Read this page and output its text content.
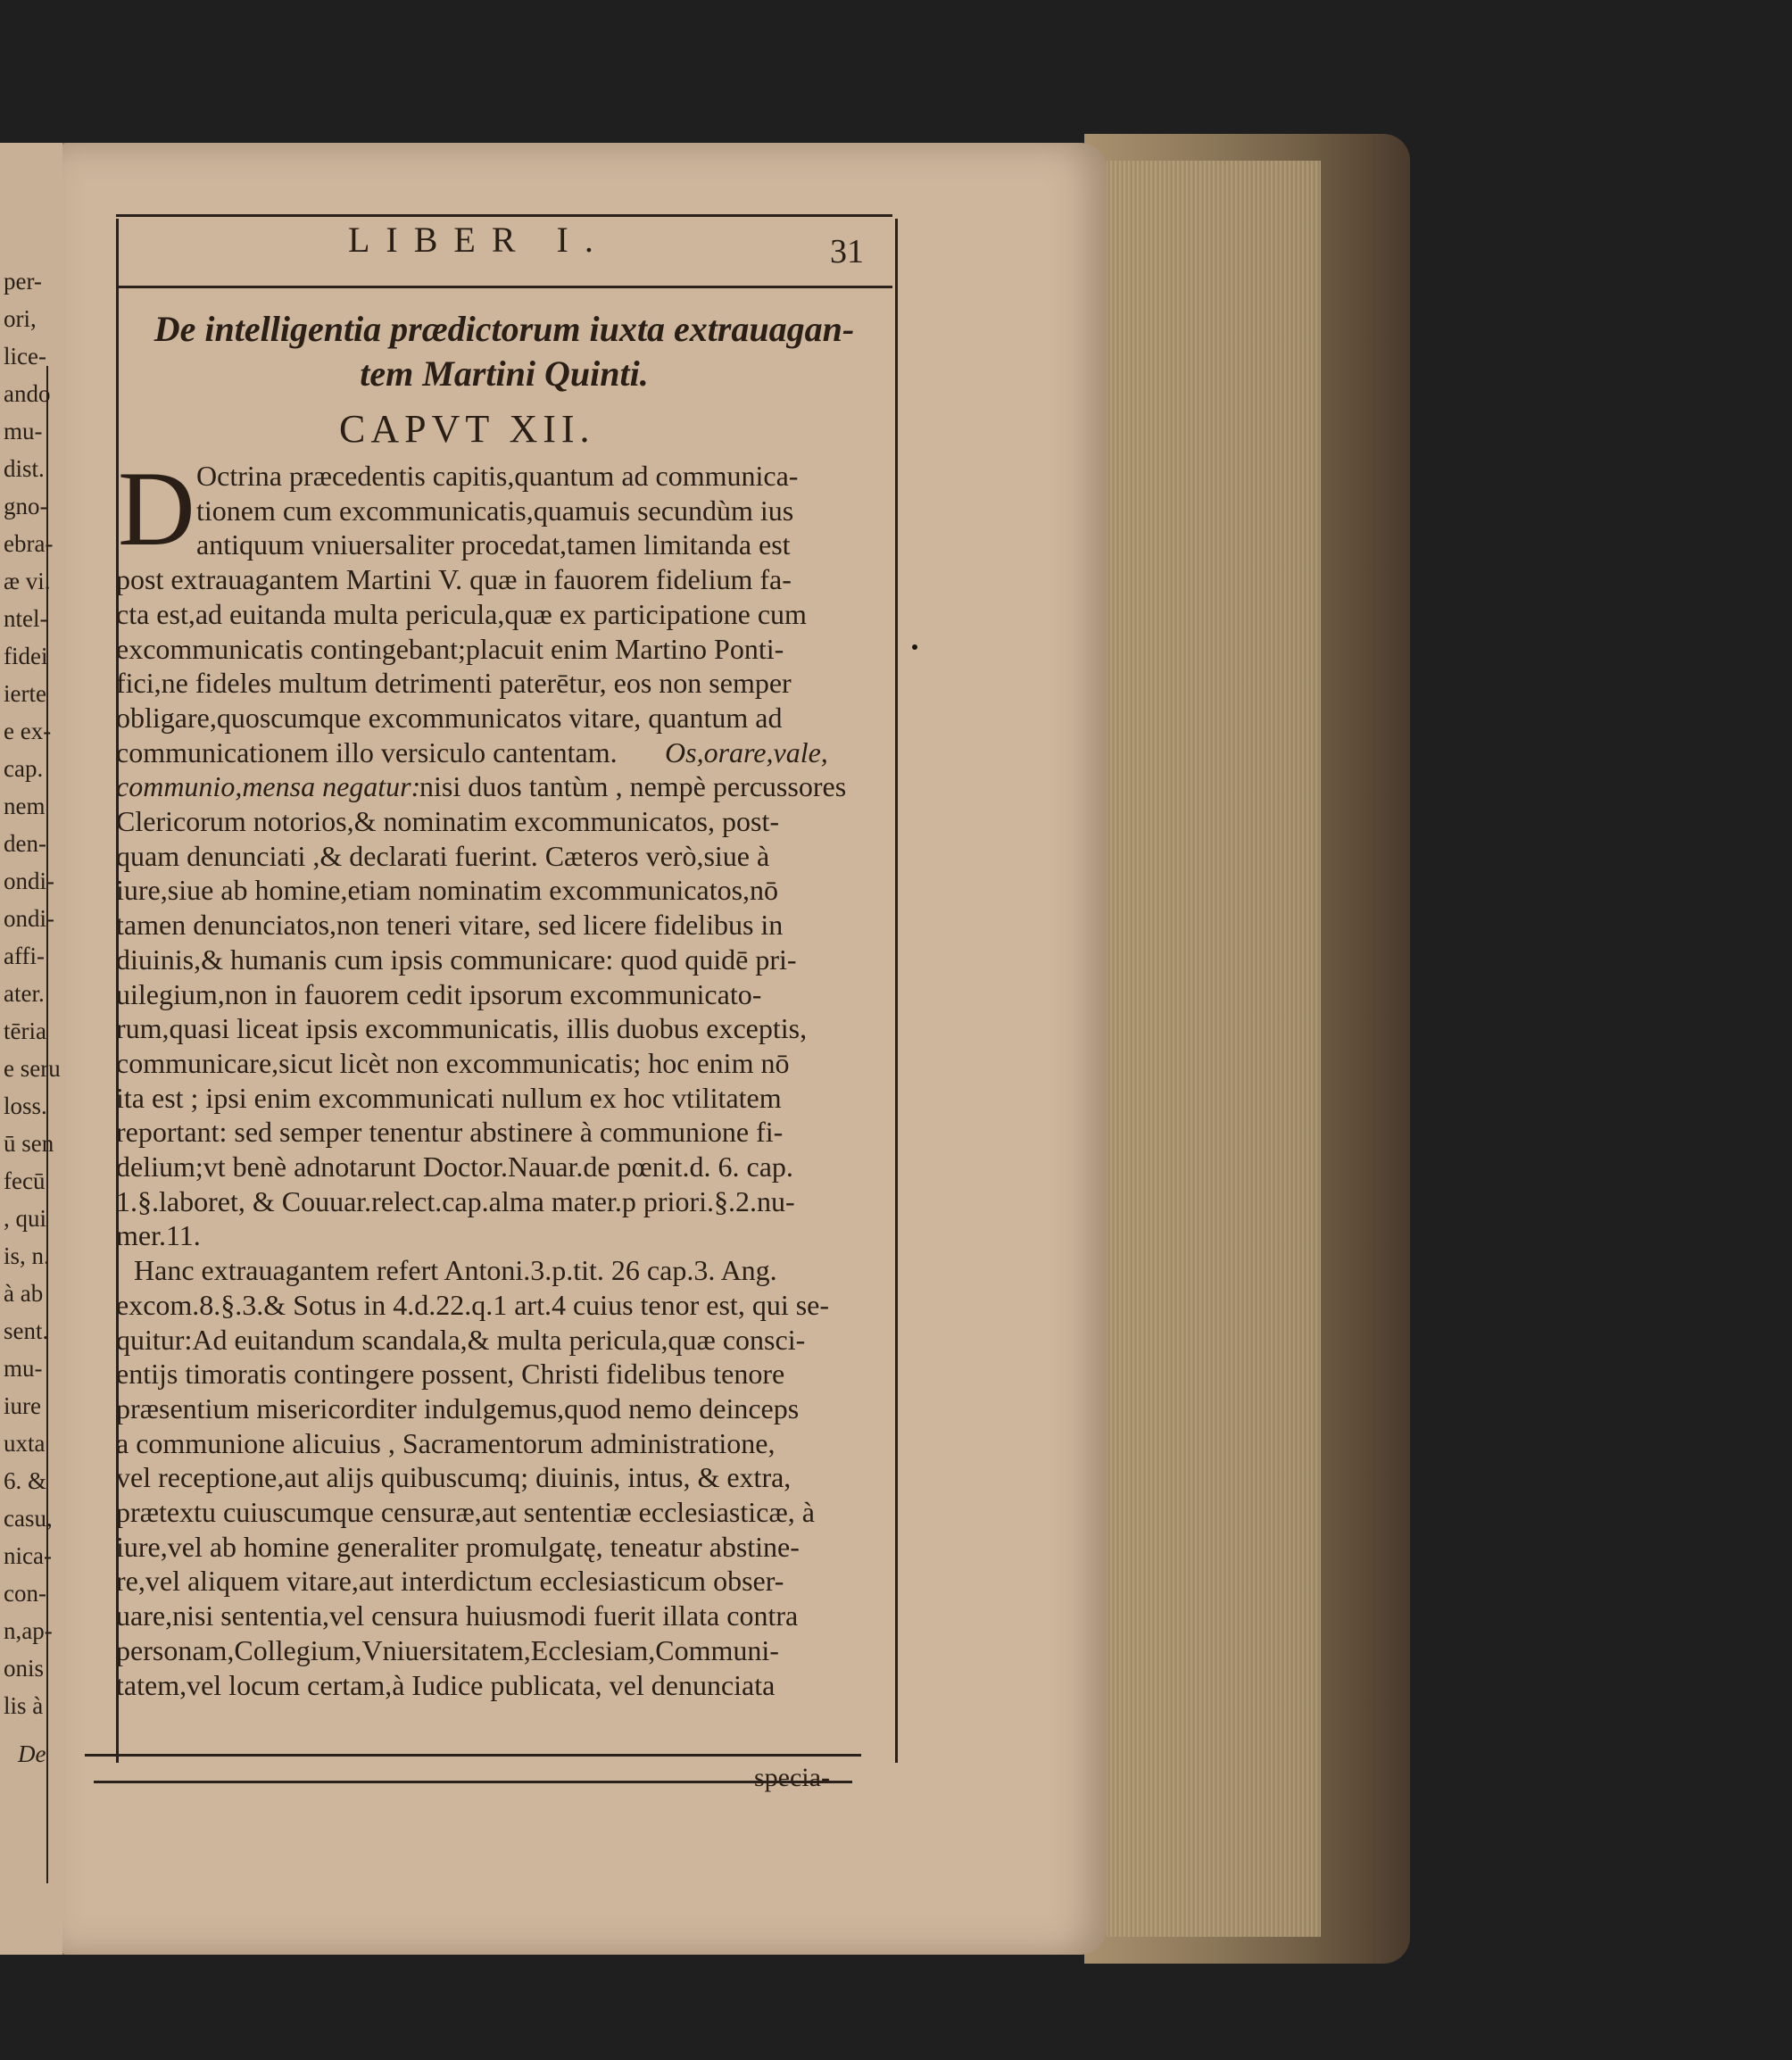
LIBER I.	31
De intelligentia prædictorum iuxta extrauagan-
tem Martini Quinti.
CAPVT XII.
D Octrina præcedentis capitis,quantum ad communica-
tionem cum excommunicatis,quamuis secundùm ius
antiquum vniuersaliter procedat,tamen limitanda est
post extrauagantem Martini V. quæ in fauorem fidelium fa-
cta est,ad euitanda multa pericula,quæ ex participatione cum
excommunicatis contingebant;placuit enim Martino Ponti-
fici,ne fideles multum detrimenti paterētur, eos non semper
obligare,quoscumque excommunicatos vitare, quantum ad
communicationem illo versiculo cantentam. Os,orare,vale,
communio,mensa negatur:
nisi duos tantùm , nempè percussores
Clericorum notorios,& nominatim excommunicatos, post-
quam denunciati ,& declarati fuerint. Cæteros verò,siue à
iure,siue ab homine,etiam nominatim excommunicatos,nō
tamen denunciatos,non teneri vitare, sed licere fidelibus in
diuinis,& humanis cum ipsis communicare: quod quidē pri-
uilegium,non in fauorem cedit ipsorum excommunicato-
rum,quasi liceat ipsis excommunicatis, illis duobus exceptis,
communicare,sicut licèt non excommunicatis; hoc enim nō
ita est ; ipsi enim excommunicati nullum ex hoc vtilitatem
reportant: sed semper tenentur abstinere à communione fi-
delium;vt benè adnotarunt Doctor.Nauar.de pœnit.d. 6. cap.
1.§.laboret, & Couuar.relect.cap.alma mater.p priori.§.2.nu-
mer.11.
Hanc extrauagantem refert Antoni.3.p.tit. 26 cap.3. Ang.
excom.8.§.3.& Sotus in 4.d.22.q.1 art.4 cuius tenor est, qui se-
quitur:Ad euitandum scandala,& multa pericula,quæ consci-
entijs timoratis contingere possent, Christi fidelibus tenore
præsentium misericorditer indulgemus,quod nemo deinceps
a communione alicuius , Sacramentorum administratione,
vel receptione,aut alijs quibuscumq; diuinis, intus, & extra,
prætextu cuiuscumque censuræ,aut sententiæ ecclesiasticæ, à
iure,vel ab homine generaliter promulgatę, teneatur abstine-
re,vel aliquem vitare,aut interdictum ecclesiasticum obser-
uare,nisi sententia,vel censura huiusmodi fuerit illata contra
personam,Collegium,Vniuersitatem,Ecclesiam,Communi-
tatem,vel locum certam,à Iudice publicata, vel denunciata
per-
ori,
lice-
ando
mu-
dist.
gno-
ebra-
æ vi.
ntel-
fidei
ierte
e ex-
cap.
nem
den-
ondi-
ondi-
affi-
ater.
tēria
e seru
loss.
ū sen
fecū
, qui
is, n.
à ab
sent.
mu-
iure
uxta
6. &
casu,
nica-
con-
n,ap-
onis
lis à
De
specia-
